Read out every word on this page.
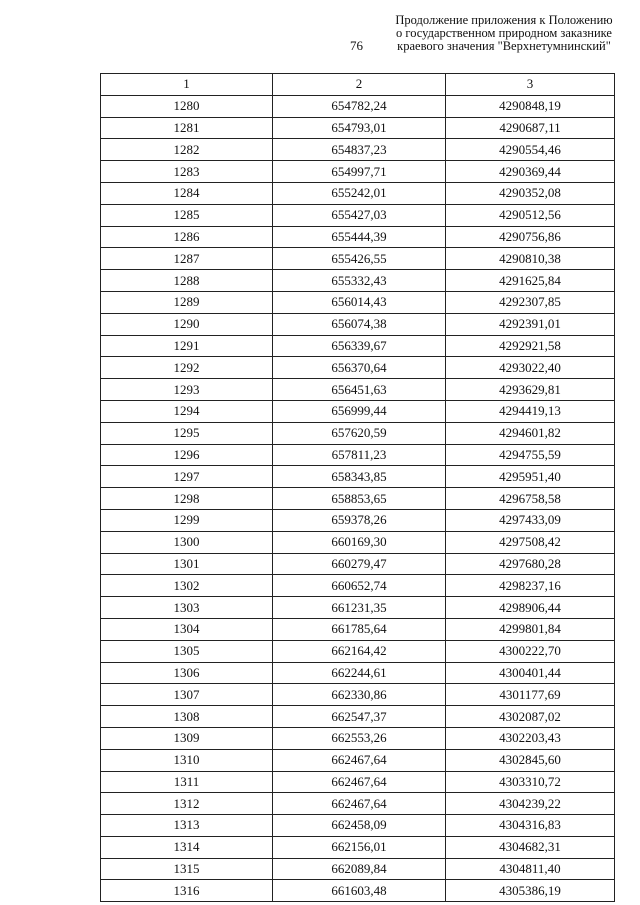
Продолжение приложения к Положению
о государственном природном заказнике
краевого значения "Верхнетумнинский"
76
1	2	3
1280	654782,24	4290848,19
1281	654793,01	4290687,11
1282	654837,23	4290554,46
1283	654997,71	4290369,44
1284	655242,01	4290352,08
1285	655427,03	4290512,56
1286	655444,39	4290756,86
1287	655426,55	4290810,38
1288	655332,43	4291625,84
1289	656014,43	4292307,85
1290	656074,38	4292391,01
1291	656339,67	4292921,58
1292	656370,64	4293022,40
1293	656451,63	4293629,81
1294	656999,44	4294419,13
1295	657620,59	4294601,82
1296	657811,23	4294755,59
1297	658343,85	4295951,40
1298	658853,65	4296758,58
1299	659378,26	4297433,09
1300	660169,30	4297508,42
1301	660279,47	4297680,28
1302	660652,74	4298237,16
1303	661231,35	4298906,44
1304	661785,64	4299801,84
1305	662164,42	4300222,70
1306	662244,61	4300401,44
1307	662330,86	4301177,69
1308	662547,37	4302087,02
1309	662553,26	4302203,43
1310	662467,64	4302845,60
1311	662467,64	4303310,72
1312	662467,64	4304239,22
1313	662458,09	4304316,83
1314	662156,01	4304682,31
1315	662089,84	4304811,40
1316	661603,48	4305386,19
